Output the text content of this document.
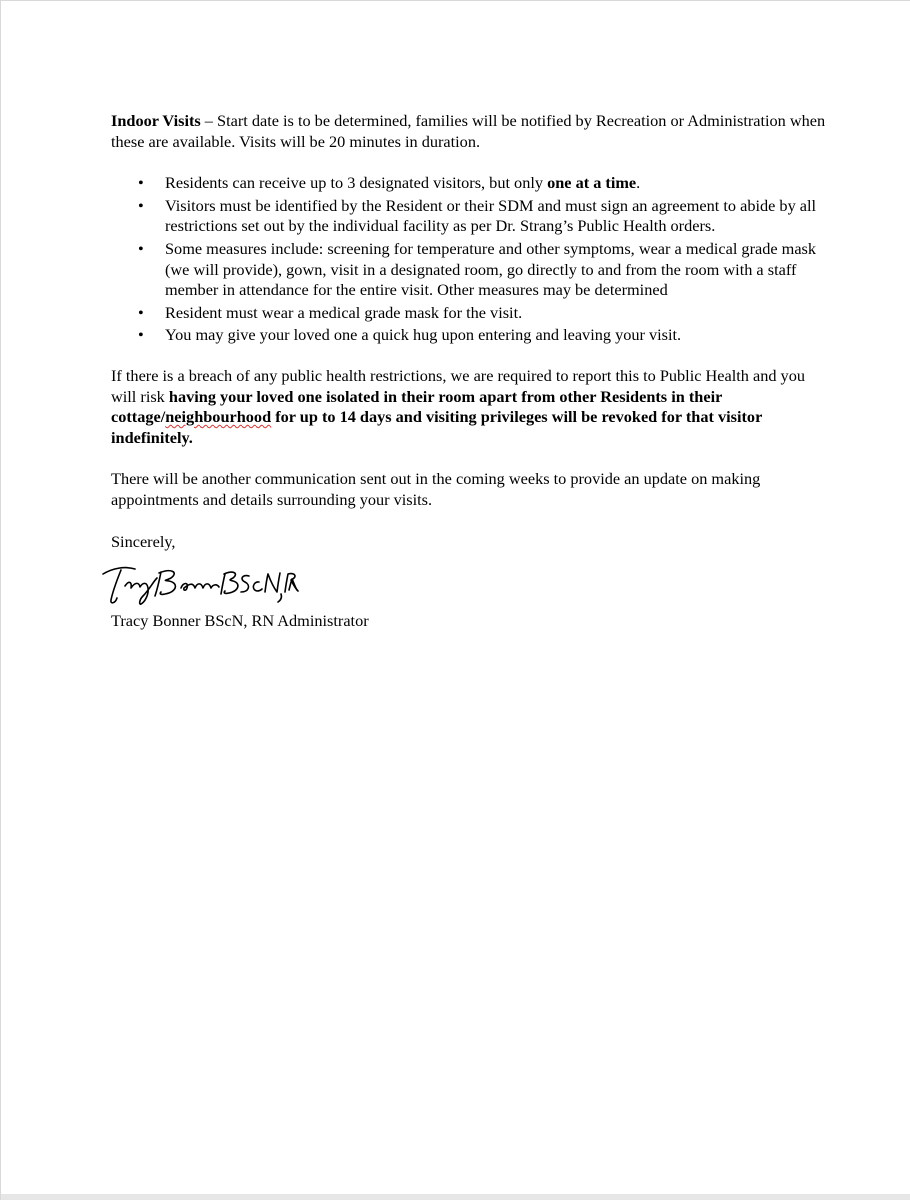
Indoor Visits – Start date is to be determined, families will be notified by Recreation or Administration when these are available. Visits will be 20 minutes in duration.

• Residents can receive up to 3 designated visitors, but only one at a time.
• Visitors must be identified by the Resident or their SDM and must sign an agreement to abide by all restrictions set out by the individual facility as per Dr. Strang’s Public Health orders.
• Some measures include: screening for temperature and other symptoms, wear a medical grade mask (we will provide), gown, visit in a designated room, go directly to and from the room with a staff member in attendance for the entire visit. Other measures may be determined
• Resident must wear a medical grade mask for the visit.
• You may give your loved one a quick hug upon entering and leaving your visit.

If there is a breach of any public health restrictions, we are required to report this to Public Health and you will risk having your loved one isolated in their room apart from other Residents in their cottage/neighbourhood for up to 14 days and visiting privileges will be revoked for that visitor indefinitely.

There will be another communication sent out in the coming weeks to provide an update on making appointments and details surrounding your visits.

Sincerely,

Tracy Bonner BScN, RN Administrator
